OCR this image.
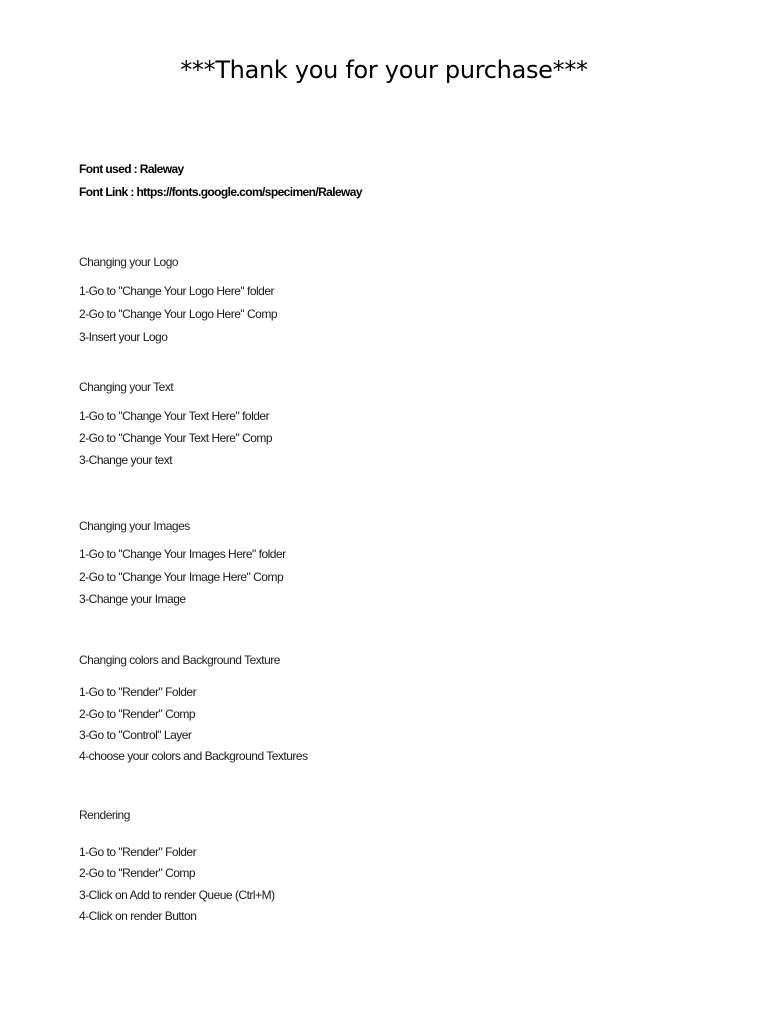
***Thank you for your purchase***

Font used : Raleway

Font Link : https://fonts.google.com/specimen/Raleway

Changing your Logo

1-Go to "Change Your Logo Here" folder

2-Go to "Change Your Logo Here" Comp

3-Insert your Logo

Changing your Text

1-Go to "Change Your Text Here" folder

2-Go to "Change Your Text Here" Comp

3-Change your text

Changing your Images

1-Go to "Change Your Images Here" folder

2-Go to "Change Your Image Here" Comp

3-Change your Image

Changing colors and Background Texture

1-Go to "Render" Folder

2-Go to "Render" Comp

3-Go to "Control" Layer

4-choose your colors and Background Textures

Rendering

1-Go to "Render" Folder

2-Go to "Render" Comp

3-Click on Add to render Queue (Ctrl+M)

4-Click on render Button
